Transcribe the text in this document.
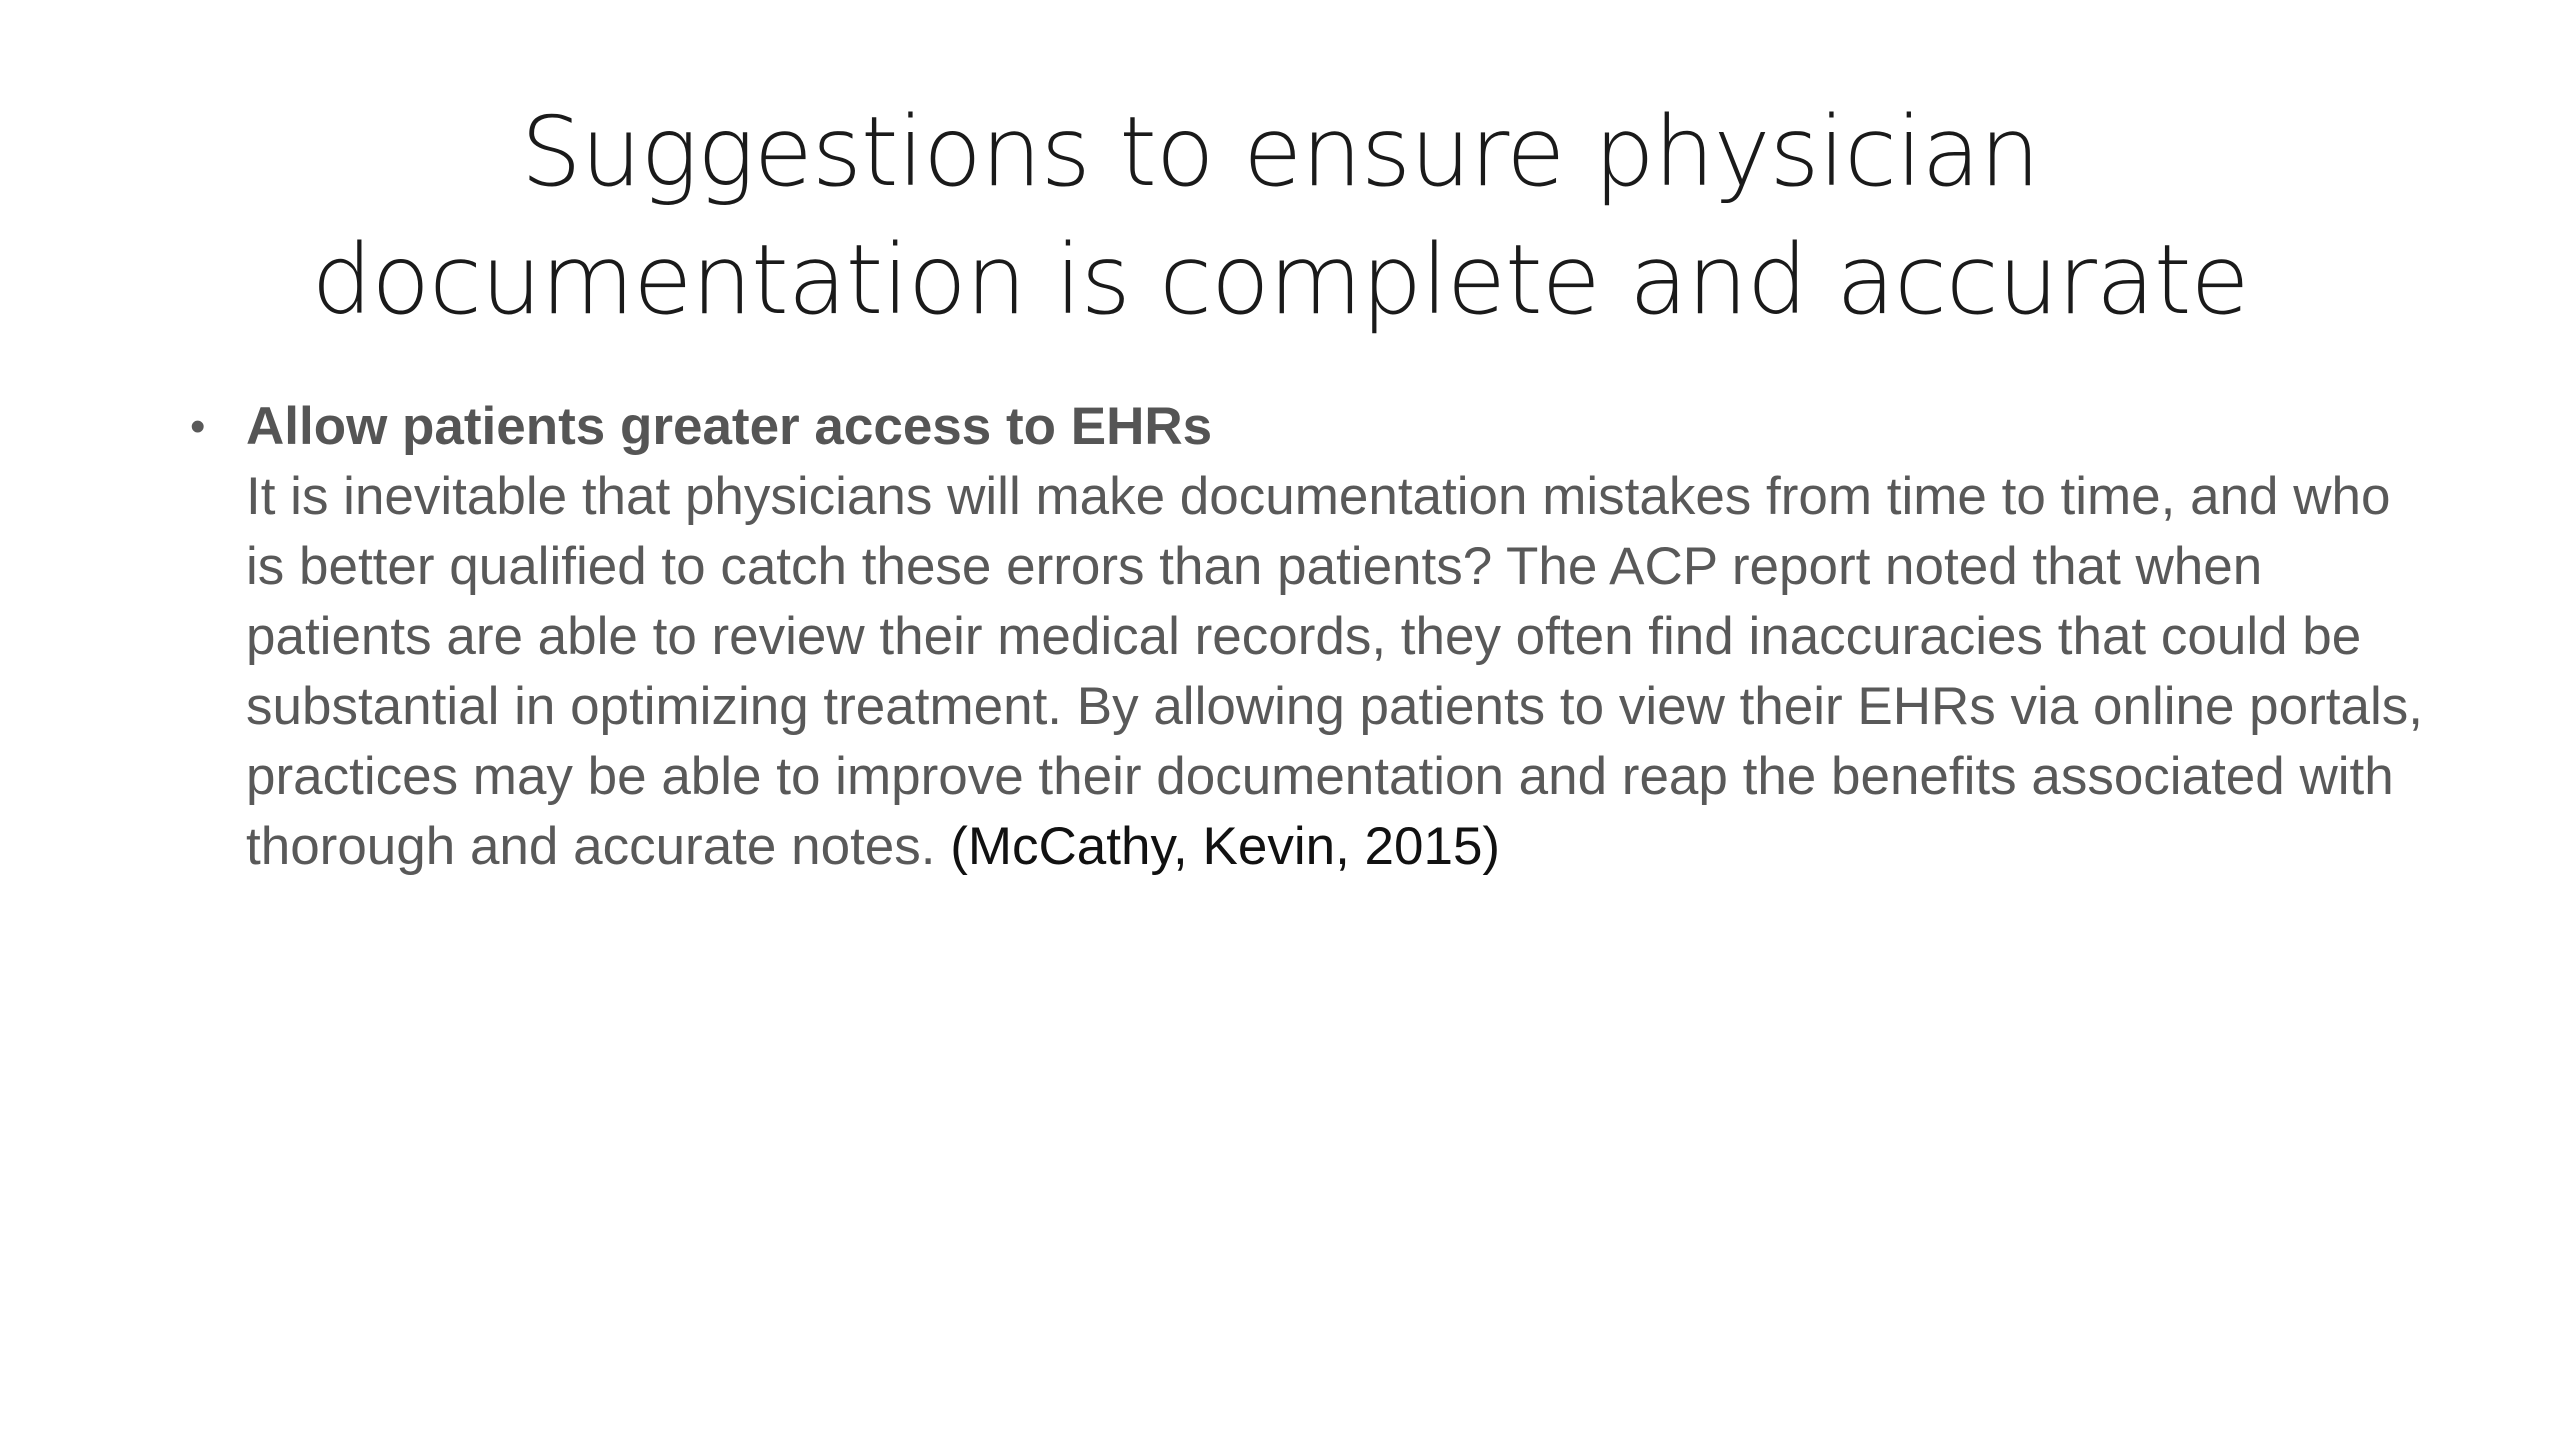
Suggestions to ensure physician
documentation is complete and accurate
• Allow patients greater access to EHRs
It is inevitable that physicians will make documentation mistakes from time to time, and who is better qualified to catch these errors than patients? The ACP report noted that when patients are able to review their medical records, they often find inaccuracies that could be substantial in optimizing treatment. By allowing patients to view their EHRs via online portals, practices may be able to improve their documentation and reap the benefits associated with thorough and accurate notes. (McCathy, Kevin, 2015)
